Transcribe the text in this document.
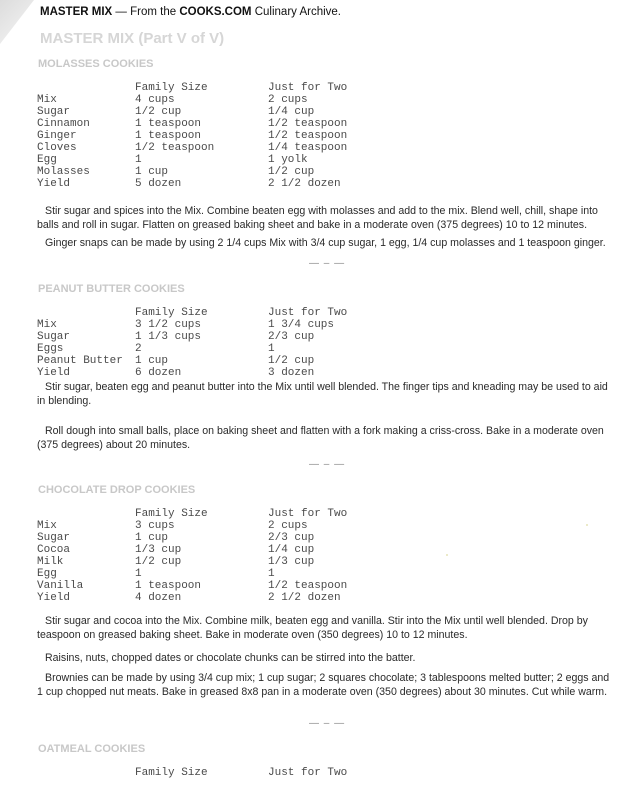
MASTER MIX — From the COOKS.COM Culinary Archive.
MASTER MIX (Part V of V)
MOLASSES COOKIES
Family Size	Just for Two
Mix	4 cups	2 cups
Sugar	1/2 cup	1/4 cup
Cinnamon	1 teaspoon	1/2 teaspoon
Ginger	1 teaspoon	1/2 teaspoon
Cloves	1/2 teaspoon	1/4 teaspoon
Egg	1	1 yolk
Molasses	1 cup	1/2 cup
Yield	5 dozen	2 1/2 dozen
Stir sugar and spices into the Mix. Combine beaten egg with molasses and add to the mix. Blend well, chill, shape into balls and roll in sugar. Flatten on greased baking sheet and bake in a moderate oven (375 degrees) 10 to 12 minutes.
Ginger snaps can be made by using 2 1/4 cups Mix with 3/4 cup sugar, 1 egg, 1/4 cup molasses and 1 teaspoon ginger.
— – —
PEANUT BUTTER COOKIES
Family Size	Just for Two
Mix	3 1/2 cups	1 3/4 cups
Sugar	1 1/3 cups	2/3 cup
Eggs	2	1
Peanut Butter 1 cup	1/2 cup
Yield	6 dozen	3 dozen
Stir sugar, beaten egg and peanut butter into the Mix until well blended. The finger tips and kneading may be used to aid in blending.
Roll dough into small balls, place on baking sheet and flatten with a fork making a criss-cross. Bake in a moderate oven (375 degrees) about 20 minutes.
— – —
CHOCOLATE DROP COOKIES
Family Size	Just for Two
Mix	3 cups	2 cups
Sugar	1 cup	2/3 cup
Cocoa	1/3 cup	1/4 cup
Milk	1/2 cup	1/3 cup
Egg	1	1
Vanilla	1 teaspoon	1/2 teaspoon
Yield	4 dozen	2 1/2 dozen
Stir sugar and cocoa into the Mix. Combine milk, beaten egg and vanilla. Stir into the Mix until well blended. Drop by teaspoon on greased baking sheet. Bake in moderate oven (350 degrees) 10 to 12 minutes.
Raisins, nuts, chopped dates or chocolate chunks can be stirred into the batter.
Brownies can be made by using 3/4 cup mix; 1 cup sugar; 2 squares chocolate; 3 tablespoons melted butter; 2 eggs and 1 cup chopped nut meats. Bake in greased 8x8 pan in a moderate oven (350 degrees) about 30 minutes. Cut while warm.
— – —
OATMEAL COOKIES
Family Size	Just for Two
